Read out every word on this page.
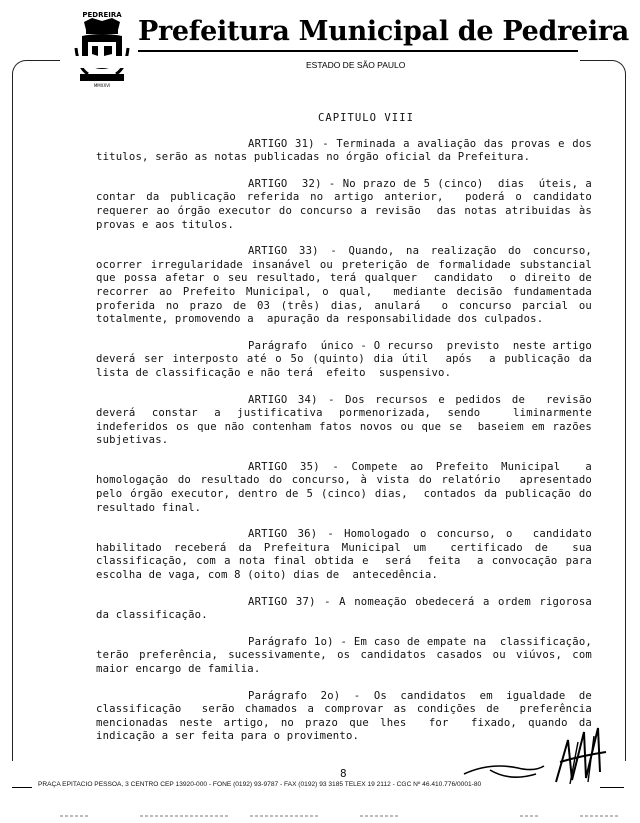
PEDREIRA
MMXXVI
Prefeitura Municipal de Pedreira
ESTADO DE SÃO PAULO
CAPITULO VIII

ARTIGO 31) - Terminada a avaliação das provas e dos titulos, serão as notas publicadas no órgão oficial da Prefeitura.

ARTIGO  32) - No prazo de 5 (cinco)  dias  úteis, a contar da publicação referida no artigo anterior,  poderá o candidato requerer ao órgão executor do concurso a revisão  das notas atribuidas às provas e aos titulos.

ARTIGO 33) - Quando, na realização do concurso, ocorrer irregularidade insanável ou preterição de formalidade substancial que possa afetar o seu resultado, terá qualquer  candidato  o direito de recorrer ao Prefeito Municipal, o qual,  mediante decisão fundamentada proferida no prazo de 03 (três) dias, anulará  o concurso parcial ou totalmente, promovendo a  apuração da responsabilidade dos culpados.

Parágrafo  único - O recurso  previsto  neste artigo  deverá ser interposto até o 5o (quinto) dia útil  após  a publicação da lista de classificação e não terá  efeito  suspensivo.

ARTIGO 34) - Dos recursos e pedidos de  revisão deverá constar a justificativa pormenorizada, sendo  liminarmente indeferidos os que não contenham fatos novos ou que se  baseiem em razões subjetivas.

ARTIGO 35) - Compete ao Prefeito Municipal  a homologação do resultado do concurso, à vista do relatório  apresentado  pelo órgão executor, dentro de 5 (cinco) dias,  contados da publicação do resultado final.

ARTIGO 36) - Homologado o concurso, o  candidato  habilitado receberá da Prefeitura Municipal um  certificado de  sua  classificação, com a nota final obtida e  será  feita  a convocação para escolha de vaga, com 8 (oito) dias de  antecedência.

ARTIGO 37) - A nomeação obedecerá a ordem rigorosa da classificação.

Parágrafo 1o) - Em caso de empate na  classificação, terão preferência, sucessivamente, os candidatos casados ou viúvos, com maior encargo de familia.

Parágrafo 2o) - Os candidatos em igualdade de classificação  serão chamados a comprovar as condições de  preferência  mencionadas neste artigo, no prazo que lhes  for  fixado, quando da indicação a ser feita para o provimento.

8
PRAÇA EPITACIO PESSOA, 3 CENTRO CEP 13920-000 - FONE (0192) 93-9787 - FAX (0192) 93 3185 TELEX 19 2112 - CGC Nº 46.410.776/0001-80
